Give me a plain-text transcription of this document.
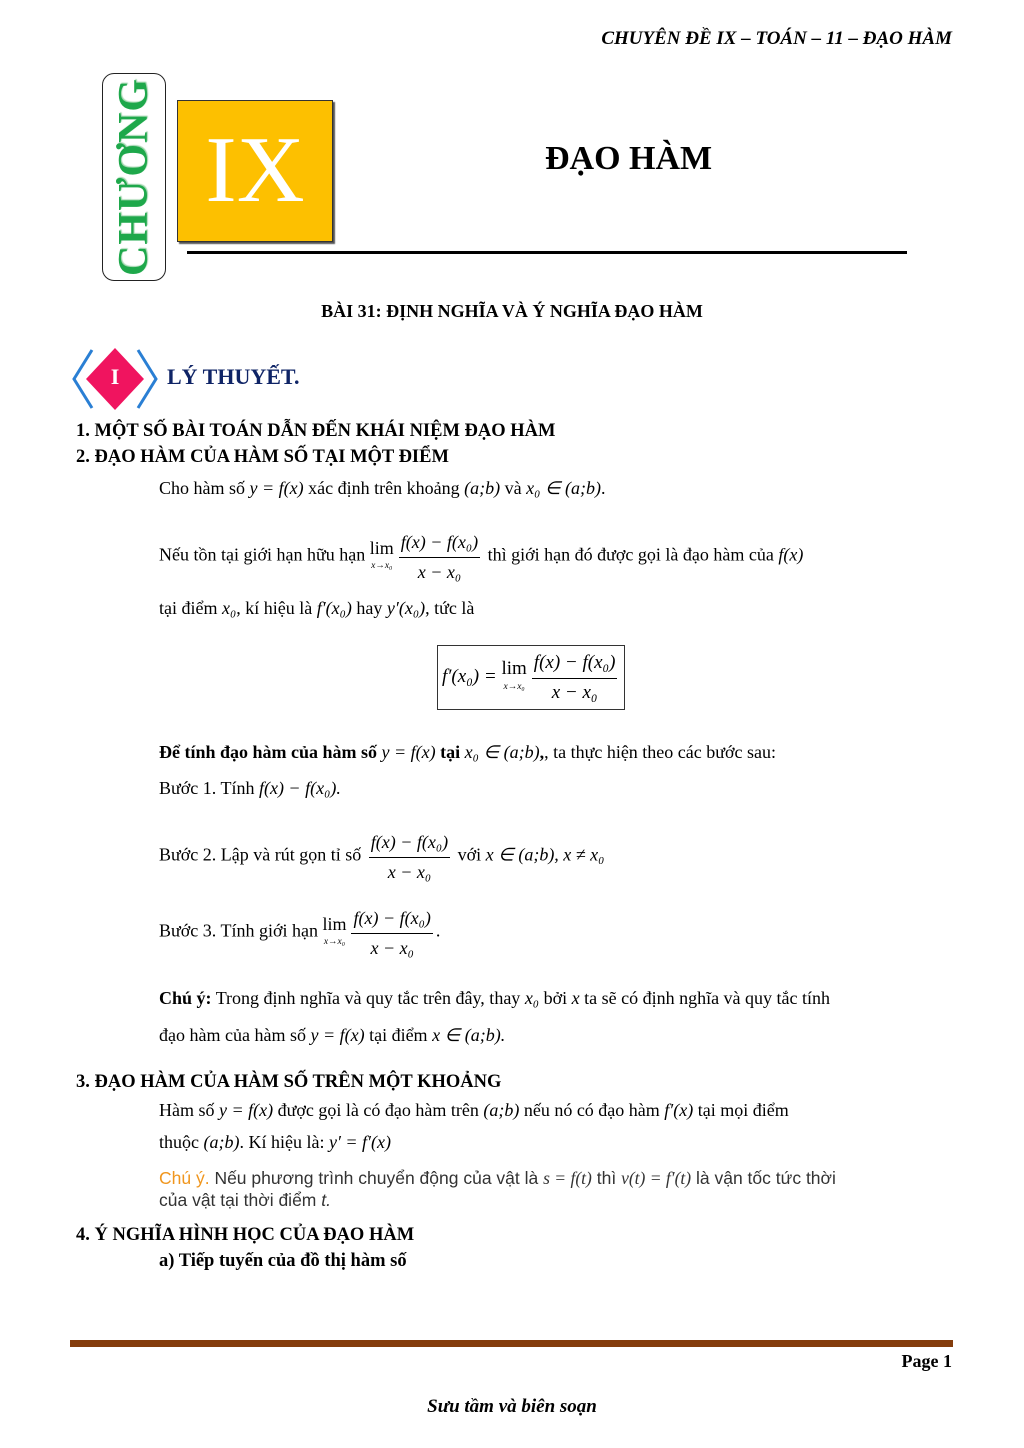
CHUYÊN ĐỀ IX – TOÁN – 11 – ĐẠO HÀM
CHƯƠNG IX	ĐẠO HÀM
BÀI 31: ĐỊNH NGHĨA VÀ Ý NGHĨA ĐẠO HÀM
I	LÝ THUYẾT.
1. MỘT SỐ BÀI TOÁN DẪN ĐẾN KHÁI NIỆM ĐẠO HÀM
2. ĐẠO HÀM CỦA HÀM SỐ TẠI MỘT ĐIỂM
Cho hàm số y = f(x) xác định trên khoảng (a;b) và x₀ ∈ (a;b).
Nếu tồn tại giới hạn hữu hạn lim
$x\to x_0 \frac{\text{f(x) − f(x₀)}}{\text{x − x₀}}$ thì giới hạn đó được gọi là đạo hàm của f(x)
tại điểm x₀, kí hiệu là f′(x₀) hay y′(x₀), tức là
f′(x₀) = lim
$x\to x_0 \frac{\text{f(x) − f(x₀)}}{\text{x − x₀}}$
Để tính đạo hàm của hàm số y = f(x) tại x₀ ∈ (a;b),, ta thực hiện theo các bước sau:
Bước 1. Tính f(x) − f(x₀).
Bước 2. Lập và rút gọn tỉ số $\frac{\text{f(x) − f(x₀)}}{\text{x − x₀}}$ với x ∈ (a;b), x ≠ x₀
Bước 3. Tính giới hạn lim
$x\to x_0 \frac{\text{f(x) − f(x₀)}}{\text{x − x₀}}$ .
Chú ý: Trong định nghĩa và quy tắc trên đây, thay x₀ bởi x ta sẽ có định nghĩa và quy tắc tính
đạo hàm của hàm số y = f(x) tại điểm x ∈ (a;b).
3. ĐẠO HÀM CỦA HÀM SỐ TRÊN MỘT KHOẢNG
Hàm số y = f(x) được gọi là có đạo hàm trên (a;b) nếu nó có đạo hàm f′(x) tại mọi điểm
thuộc (a;b). Kí hiệu là: y′ = f′(x)
Chú ý. Nếu phương trình chuyển động của vật là s = f(t) thì v(t) = f′(t) là vận tốc tức thời
của vật tại thời điểm t.
4. Ý NGHĨA HÌNH HỌC CỦA ĐẠO HÀM
a) Tiếp tuyến của đồ thị hàm số
Page 1
Sưu tầm và biên soạn
